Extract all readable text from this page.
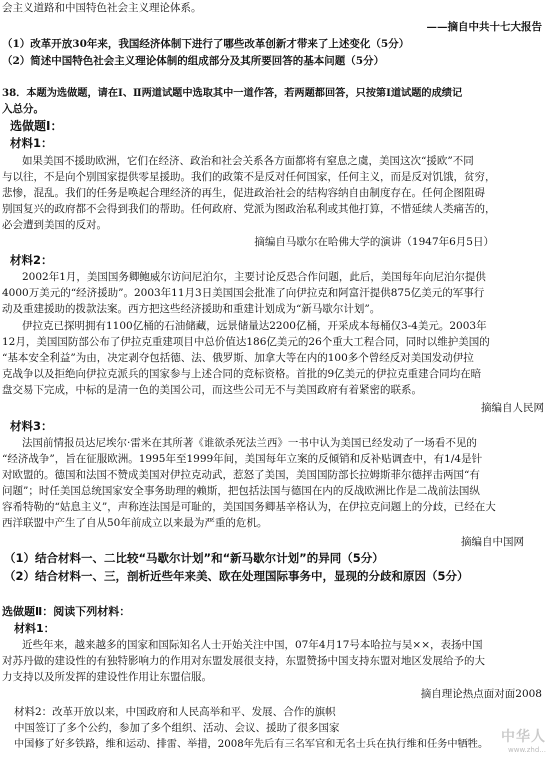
会主义道路和中国特色社会主义理论体系。
——摘自中共十七大报告
（1）改革开放30年来，我国经济体制下进行了哪些改革创新才带来了上述变化（5分）
（2）简述中国特色社会主义理论体制的组成部分及其所要回答的基本问题（5分）
38．本题为选做题，请在Ⅰ、Ⅱ两道试题中选取其中一道作答，若两题都回答，只按第Ⅰ道试题的成绩记
入总分。
选做题Ⅰ：
材料1：
如果美国不援助欧洲，它们在经济、政治和社会关系各方面都将有窒息之虞，美国这次“援欧”不同
与以往，不是向个别国家提供零星援助。我们的政策不是反对任何国家，任何主义，而是反对饥饿，贫穷，
悲惨，混乱。我们的任务是唤起合理经济的再生，促进政治社会的结构容纳自由制度存在。任何企图阻碍
别国复兴的政府都不会得到我们的帮助。任何政府、党派为图政治私利或其他打算，不惜延续人类痛苦的，
必会遭到美国的反对。
摘编自马歇尔在哈佛大学的演讲（1947年6月5日）
材料2：
2002年1月，美国国务卿鲍威尔访问尼泊尔，主要讨论反恐合作问题，此后，美国每年向尼泊尔提供
4000万美元的“经济援助”。2003年11月3日美国国会批准了向伊拉克和阿富汗提供875亿美元的军事行
动及重建援助的拨款法案。西方把这些经济援助和重建计划成为“新马歇尔计划”。
伊拉克已探明拥有1100亿桶的石油储藏，远景储量达2200亿桶，开采成本每桶仅3-4美元。2003年
12月，美国国防部公布了伊拉克重建项目中总价值达186亿美元的26个重大工程合同，同时以维护美国的
“基本安全利益”为由，决定剥夺包括德、法、俄罗斯、加拿大等在内的100多个曾经反对美国发动伊拉
克战争以及拒绝向伊拉克派兵的国家参与上述合同的竞标资格。首批的9亿美元的伊拉克重建合同均在暗
盘交易下完成，中标的是清一色的美国公司，而这些公司无不与美国政府有着紧密的联系。
摘编自人民网
材料3：
法国前情报员达尼埃尔·雷米在其所著《谁欲杀死法兰西》一书中认为美国已经发动了一场看不见的
“经济战争”，旨在征服欧洲。1995年至1999年间，美国每年立案的反倾销和反补贴调查中，有1/4是针
对欧盟的。德国和法国不赞成美国对伊拉克动武，惹怒了美国，美国国防部长拉姆斯菲尔德抨击两国“有
问题”；时任美国总统国家安全事务助理的赖斯，把包括法国与德国在内的反战欧洲比作是二战前法国纵
容希特勒的“姑息主义”，声称连法国是可耻的，美国国务卿基辛格认为，在伊拉克问题上的分歧，已经在大
西洋联盟中产生了自从50年前成立以来最为严重的危机。
摘编自中国网
（1）结合材料一、二比较“马歇尔计划”和“新马歇尔计划”的异同（5分）
（2）结合材料一、三，剖析近些年来美、欧在处理国际事务中，显现的分歧和原因（5分）
选做题Ⅱ：阅读下列材料：
材料1：
近些年来，越来越多的国家和国际知名人士开始关注中国，07年4月17号本哈拉与吴××，表扬中国
对苏丹做的建设性的有独特影响力的作用对东盟发展很支持，东盟赞扬中国支持东盟对地区发展给予的大
力支持以及所发挥的建设性作用让东盟信服。
摘自理论热点面对面2008
材料2：改革开放以来，中国政府和人民高举和平、发展、合作的旗帜
中国签订了多个公约，参加了多个组织、活动、会议、援助了很多国家
中国修了好多铁路，维和运动、排雷、举措，2008年先后有三名军官和无名士兵在执行维和任务中牺牲。 中华人
www.zhd...
